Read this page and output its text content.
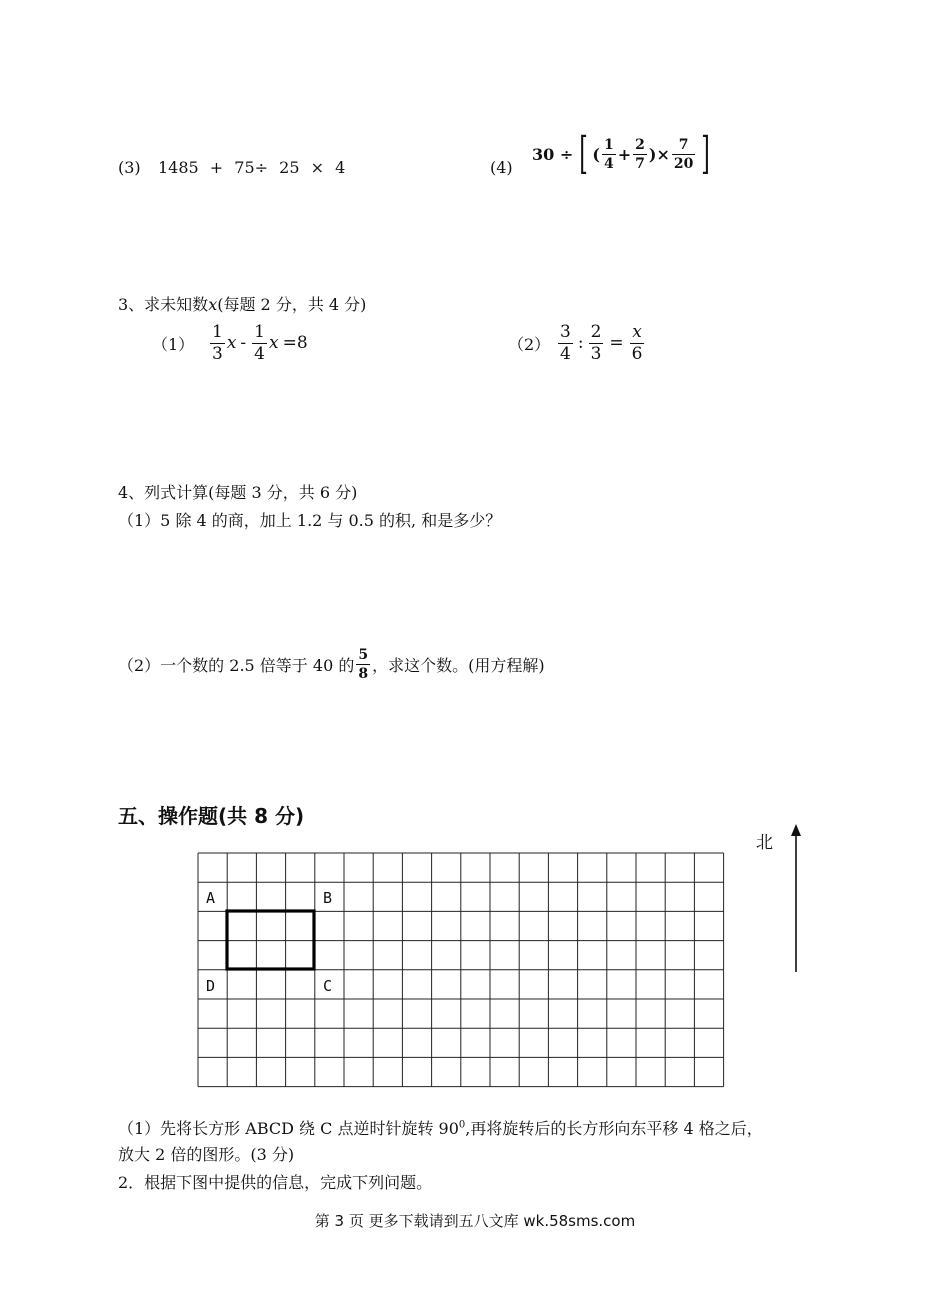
(3) 1485 + 75÷ 25 × 4	(4)
30 ÷ [ ( $\frac{1}{4} + \frac{2}{7}$ )× $\frac{7}{20}$ ]
3、求未知数x(每题 2 分，共 4 分)
$(1) \frac{1}{3}$ x - $\frac{1}{4}$ x =8	$(2) \frac{3}{4}$ : $\frac{2}{3} = \frac{x}{6}$
4、列式计算(每题 3 分，共 6 分)
（1）5 除 4 的商，加上 1.2 与 0.5 的积, 和是多少？
（2）一个数的 2.5 倍等于 40 的 $\frac{5}{8}$ ，求这个数。(用方程解)
五、操作题(共 8 分)
北
A	B
C
D
（1）先将长方形 ABCD 绕 C 点逆时针旋转 $90^0$,再将旋转后的长方形向东平移 4 格之后，
放大 2 倍的图形。(3 分)
2．根据下图中提供的信息，完成下列问题。
第 3 页 更多下载请到五八文库 wk.58sms.com
